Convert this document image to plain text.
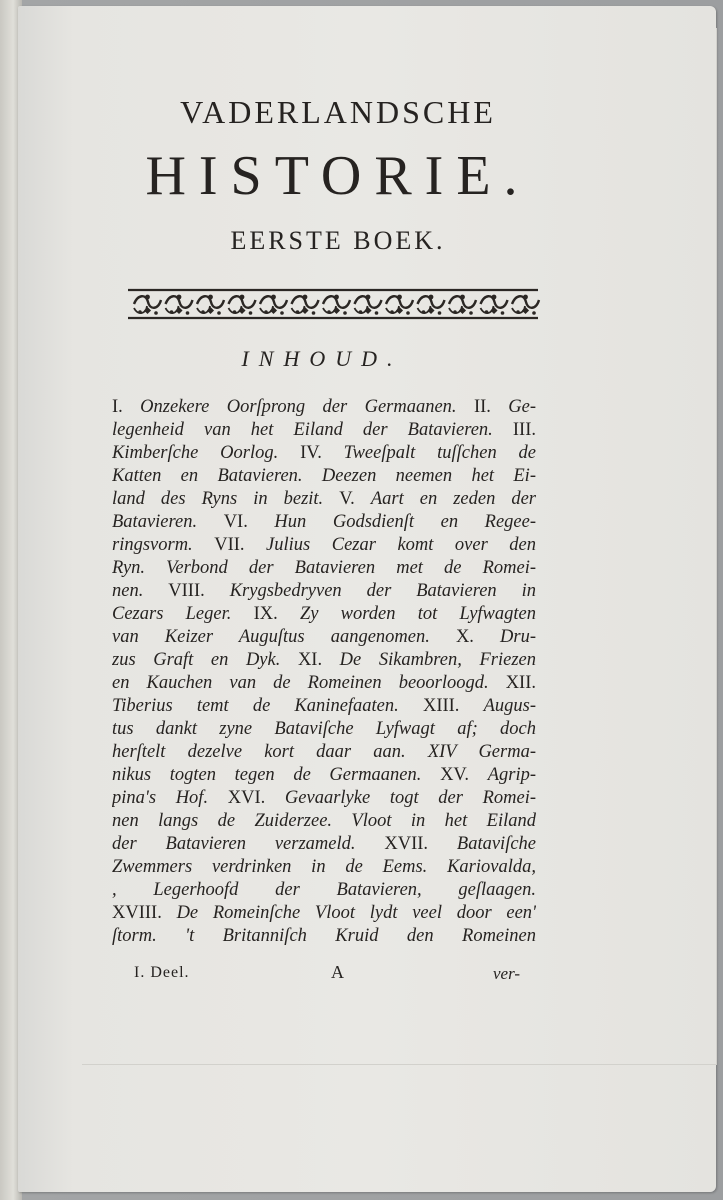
VADERLANDSCHE
HISTORIE.
EERSTE BOEK.
INHOUD.
I. Onzekere Oorſprong der Germaanen. II. Ge-
legenheid van het Eiland der Batavieren. III.
Kimberſche Oorlog. IV. Tweeſpalt tuſſchen de
Katten en Batavieren. Deezen neemen het Ei-
land des Ryns in bezit. V. Aart en zeden der
Batavieren. VI. Hun Godsdienſt en Regee-
ringsvorm. VII. Julius Cezar komt over den
Ryn. Verbond der Batavieren met de Romei-
nen. VIII. Krygsbedryven der Batavieren in
Cezars Leger. IX. Zy worden tot Lyfwagten
van Keizer Auguſtus aangenomen. X. Dru-
zus Graft en Dyk. XI. De Sikambren, Friezen
en Kauchen van de Romeinen beoorloogd. XII.
Tiberius temt de Kaninefaaten. XIII. Augus-
tus dankt zyne Bataviſche Lyfwagt af; doch
herſtelt dezelve kort daar aan. XIV Germa-
nikus togten tegen de Germaanen. XV. Agrip-
pina's Hof. XVI. Gevaarlyke togt der Romei-
nen langs de Zuiderzee. Vloot in het Eiland
der Batavieren verzameld. XVII. Bataviſche
Zwemmers verdrinken in de Eems. Kariovalda,
, Legerhoofd der Batavieren, geſlaagen.
XVIII. De Romeinſche Vloot lydt veel door een'
ſtorm. 't Britanniſch Kruid den Romeinen
I. Deel.	A	ver-
